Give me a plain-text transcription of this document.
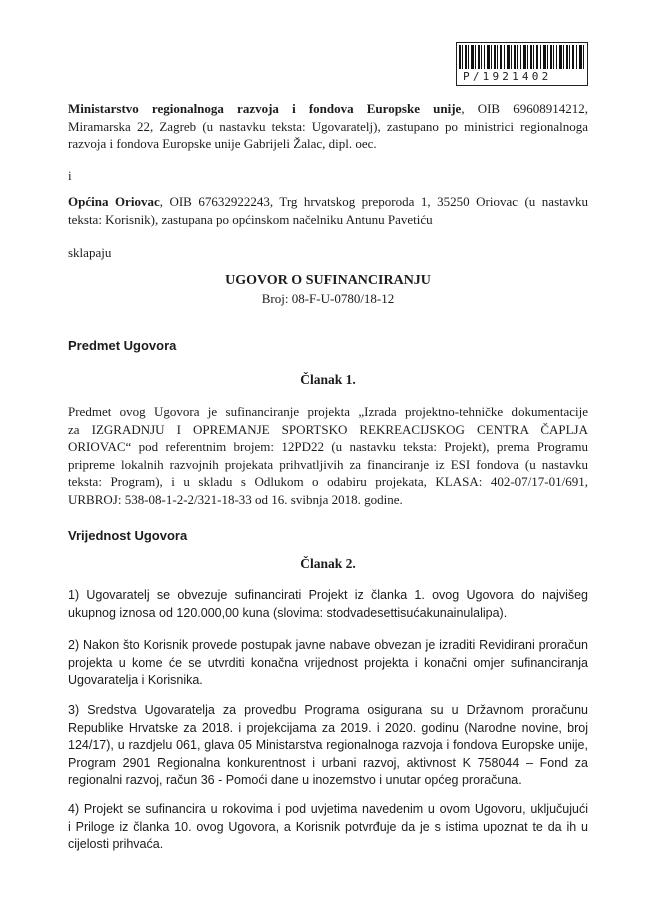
P/1921402
Ministarstvo regionalnoga razvoja i fondova Europske unije, OIB 69608914212,
Miramarska 22, Zagreb (u nastavku teksta: Ugovaratelj), zastupano po ministrici regionalnoga
razvoja i fondova Europske unije Gabrijeli Žalac, dipl. oec.
i
Općina Oriovac, OIB 67632922243, Trg hrvatskog preporoda 1, 35250 Oriovac (u nastavku
teksta: Korisnik), zastupana po općinskom načelniku Antunu Pavetiću
sklapaju
UGOVOR O SUFINANCIRANJU
Broj: 08-F-U-0780/18-12
Predmet Ugovora
Članak 1.
Predmet ovog Ugovora je sufinanciranje projekta „Izrada projektno-tehničke dokumentacije
za IZGRADNJU I OPREMANJE SPORTSKO REKREACIJSKOG CENTRA ČAPLJA
ORIOVAC“ pod referentnim brojem: 12PD22 (u nastavku teksta: Projekt), prema Programu
pripreme lokalnih razvojnih projekata prihvatljivih za financiranje iz ESI fondova (u nastavku
teksta: Program), i u skladu s Odlukom o odabiru projekata, KLASA: 402-07/17-01/691,
URBROJ: 538-08-1-2-2/321-18-33 od 16. svibnja 2018. godine.
Vrijednost Ugovora
Članak 2.
1) Ugovaratelj se obvezuje sufinancirati Projekt iz članka 1. ovog Ugovora do najvišeg
ukupnog iznosa od 120.000,00 kuna (slovima: stodvadesettisućakunainulalipa).
2) Nakon što Korisnik provede postupak javne nabave obvezan je izraditi Revidirani proračun
projekta u kome će se utvrditi konačna vrijednost projekta i konačni omjer sufinanciranja
Ugovaratelja i Korisnika.
3) Sredstva Ugovaratelja za provedbu Programa osigurana su u Državnom proračunu
Republike Hrvatske za 2018. i projekcijama za 2019. i 2020. godinu (Narodne novine, broj
124/17), u razdjelu 061, glava 05 Ministarstva regionalnoga razvoja i fondova Europske unije,
Program 2901 Regionalna konkurentnost i urbani razvoj, aktivnost K 758044 – Fond za
regionalni razvoj, račun 36 - Pomoći dane u inozemstvo i unutar općeg proračuna.
4) Projekt se sufinancira u rokovima i pod uvjetima navedenim u ovom Ugovoru, uključujući
i Priloge iz članka 10. ovog Ugovora, a Korisnik potvrđuje da je s istima upoznat te da ih u
cijelosti prihvaća.
